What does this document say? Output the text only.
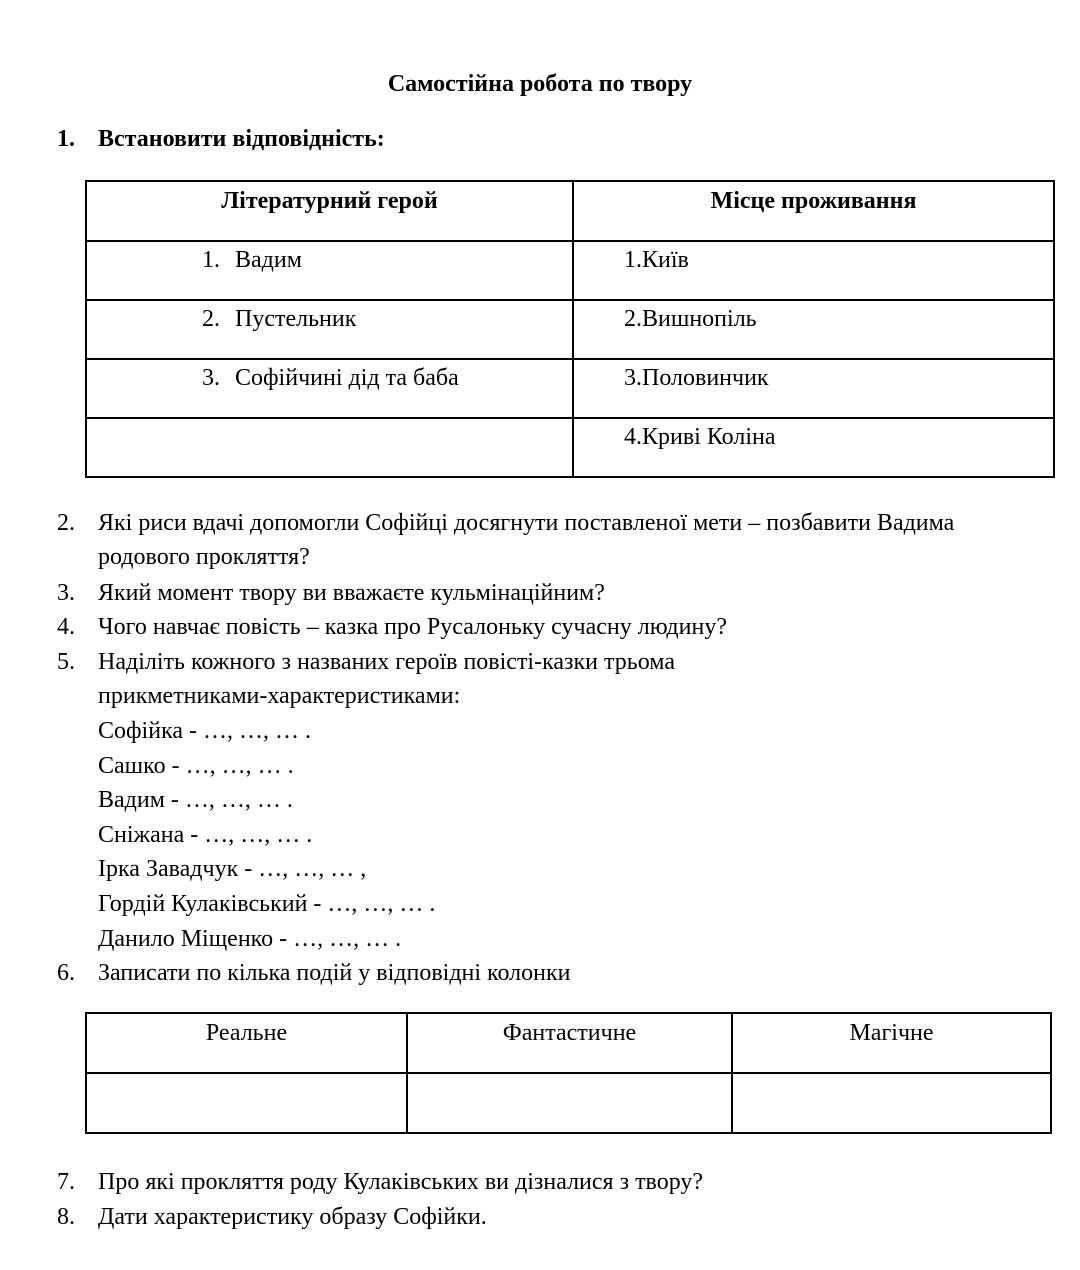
Самостійна робота по твору
1. Встановити відповідність:
Літературний герой	Місце проживання
1. Вадим	1.Київ
2. Пустельник	2.Вишнопіль
3. Софійчині дід та баба	3.Половинчик
	4.Криві Коліна
2. Які риси вдачі допомогли Софійці досягнути поставленої мети – позбавити Вадима
родового прокляття?
3. Який момент твору ви вважаєте кульмінаційним?
4. Чого навчає повість – казка про Русалоньку сучасну людину?
5. Наділіть кожного з названих героїв повісті-казки трьома
прикметниками-характеристиками:
Софійка - …, …, … .
Сашко - …, …, … .
Вадим - …, …, … .
Сніжана - …, …, … .
Ірка Завадчук - …, …, … ,
Гордій Кулаківський - …, …, … .
Данило Міщенко - …, …, … .
6. Записати по кілька подій у відповідні колонки
Реальне	Фантастичне	Магічне

7. Про які прокляття роду Кулаківських ви дізналися з твору?
8. Дати характеристику образу Софійки.
